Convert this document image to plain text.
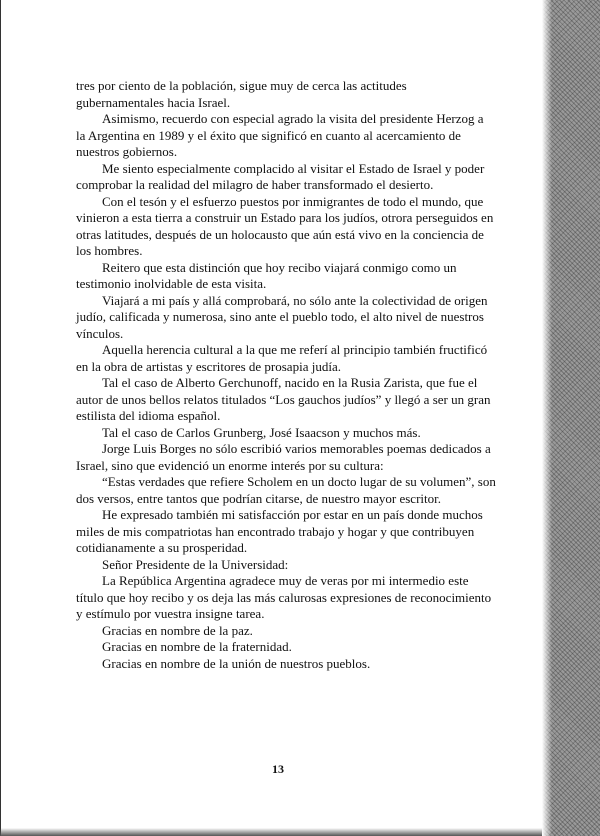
tres por ciento de la población, sigue muy de cerca las actitudes gubernamentales hacia Israel.

Asimismo, recuerdo con especial agrado la visita del presidente Herzog a la Argentina en 1989 y el éxito que significó en cuanto al acercamiento de nuestros gobiernos.

Me siento especialmente complacido al visitar el Estado de Israel y poder comprobar la realidad del milagro de haber transformado el desierto.

Con el tesón y el esfuerzo puestos por inmigrantes de todo el mundo, que vinieron a esta tierra a construir un Estado para los judíos, otrora perseguidos en otras latitudes, después de un holocausto que aún está vivo en la conciencia de los hombres.

Reitero que esta distinción que hoy recibo viajará conmigo como un testimonio inolvidable de esta visita.

Viajará a mi país y allá comprobará, no sólo ante la colectividad de origen judío, calificada y numerosa, sino ante el pueblo todo, el alto nivel de nuestros vínculos.

Aquella herencia cultural a la que me referí al principio también fructificó en la obra de artistas y escritores de prosapia judía.

Tal el caso de Alberto Gerchunoff, nacido en la Rusia Zarista, que fue el autor de unos bellos relatos titulados “Los gauchos judíos” y llegó a ser un gran estilista del idioma español.

Tal el caso de Carlos Grunberg, José Isaacson y muchos más.

Jorge Luis Borges no sólo escribió varios memorables poemas dedicados a Israel, sino que evidenció un enorme interés por su cultura:

“Estas verdades que refiere Scholem en un docto lugar de su volumen”, son dos versos, entre tantos que podrían citarse, de nuestro mayor escritor.

He expresado también mi satisfacción por estar en un país donde muchos miles de mis compatriotas han encontrado trabajo y hogar y que contribuyen cotidianamente a su prosperidad.

Señor Presidente de la Universidad:

La República Argentina agradece muy de veras por mi intermedio este título que hoy recibo y os deja las más calurosas expresiones de reconocimiento y estímulo por vuestra insigne tarea.

Gracias en nombre de la paz.

Gracias en nombre de la fraternidad.

Gracias en nombre de la unión de nuestros pueblos.

13
